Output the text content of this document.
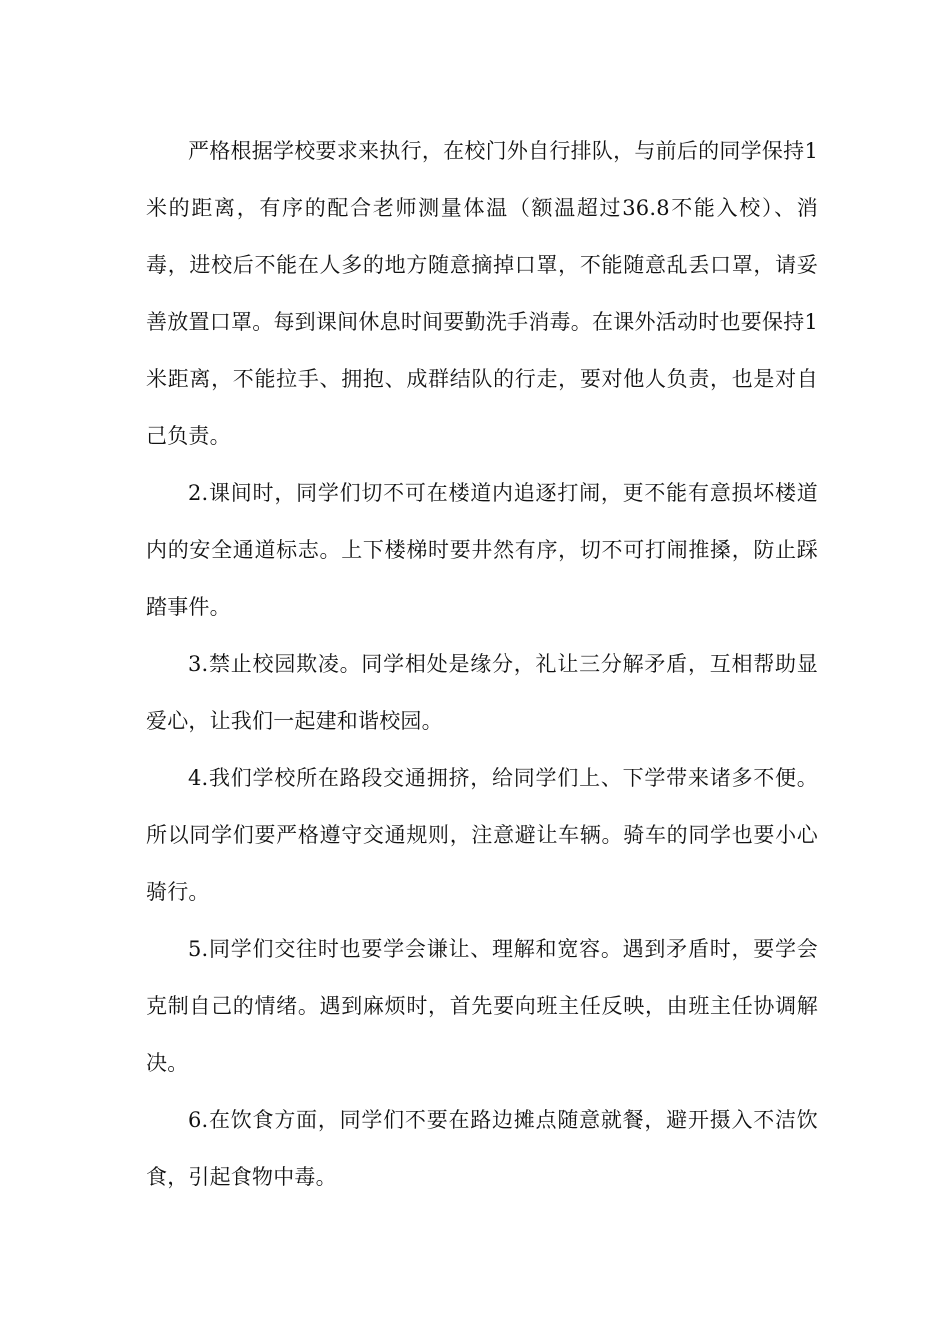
严格根据学校要求来执行，在校门外自行排队，与前后的同学保持1米的距离，有序的配合老师测量体温（额温超过36.8不能入校）、消毒，进校后不能在人多的地方随意摘掉口罩，不能随意乱丢口罩，请妥善放置口罩。每到课间休息时间要勤洗手消毒。在课外活动时也要保持1米距离，不能拉手、拥抱、成群结队的行走，要对他人负责，也是对自己负责。

2.课间时，同学们切不可在楼道内追逐打闹，更不能有意损坏楼道内的安全通道标志。上下楼梯时要井然有序，切不可打闹推搡，防止踩踏事件。

3.禁止校园欺凌。同学相处是缘分，礼让三分解矛盾，互相帮助显爱心，让我们一起建和谐校园。

4.我们学校所在路段交通拥挤，给同学们上、下学带来诸多不便。所以同学们要严格遵守交通规则，注意避让车辆。骑车的同学也要小心骑行。

5.同学们交往时也要学会谦让、理解和宽容。遇到矛盾时，要学会克制自己的情绪。遇到麻烦时，首先要向班主任反映，由班主任协调解决。

6.在饮食方面，同学们不要在路边摊点随意就餐，避开摄入不洁饮食，引起食物中毒。
